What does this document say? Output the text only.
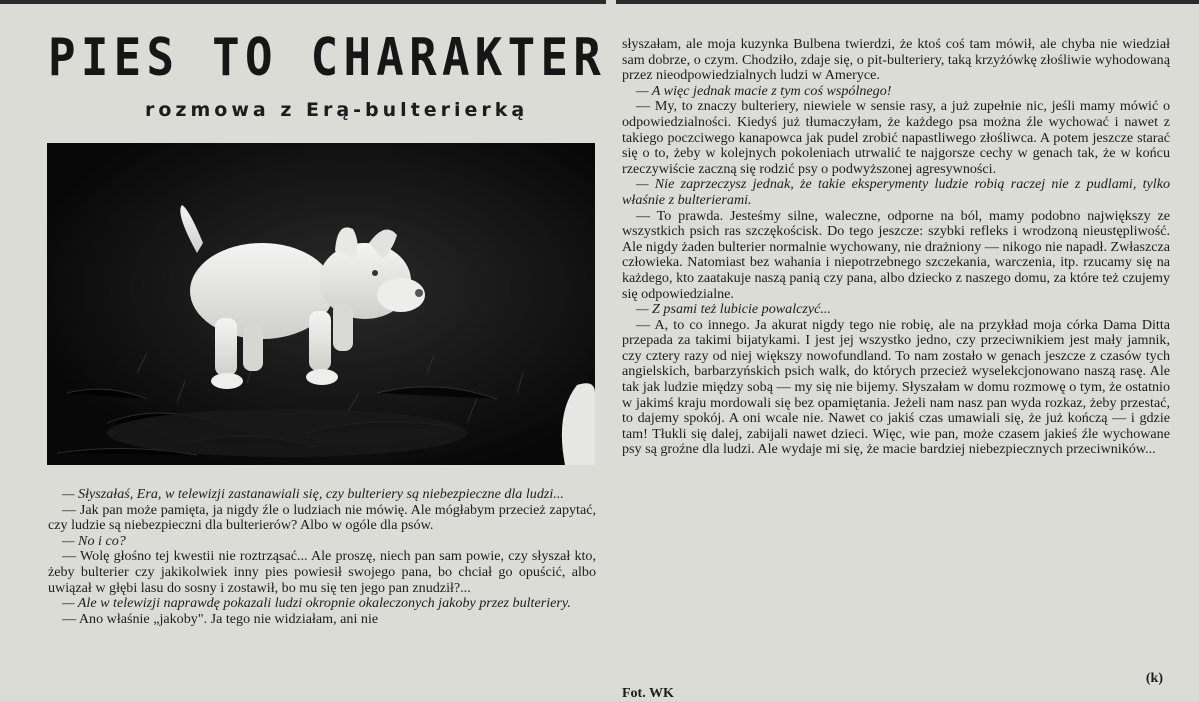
PIES TO CHARAKTER
rozmowa z Erą-bulterierką

— Słyszałaś, Era, w telewizji zastanawiali się, czy bulteriery są niebezpieczne dla ludzi...

— Jak pan może pamięta, ja nigdy źle o ludziach nie mówię. Ale mógłabym przecież zapytać, czy ludzie są niebezpieczni dla bulterierów? Albo w ogóle dla psów.

— No i co?

— Wolę głośno tej kwestii nie roztrząsać... Ale proszę, niech pan sam powie, czy słyszał kto, żeby bulterier czy jakikolwiek inny pies powiesił swojego pana, bo chciał go opuścić, albo uwiązał w głębi lasu do sosny i zostawił, bo mu się ten jego pan znudził?...

— Ale w telewizji naprawdę pokazali ludzi okropnie okaleczonych jakoby przez bulteriery.

— Ano właśnie „jakoby". Ja tego nie widziałam, ani nie

słyszałam, ale moja kuzynka Bulbena twierdzi, że ktoś coś tam mówił, ale chyba nie wiedział sam dobrze, o czym. Chodziło, zdaje się, o pit-bulteriery, taką krzyżówkę złośliwie wyhodowaną przez nieodpowiedzialnych ludzi w Ameryce.

— A więc jednak macie z tym coś wspólnego!

— My, to znaczy bulteriery, niewiele w sensie rasy, a już zupełnie nic, jeśli mamy mówić o odpowiedzialności. Kiedyś już tłumaczyłam, że każdego psa można źle wychować i nawet z takiego poczciwego kanapowca jak pudel zrobić napastliwego złośliwca. A potem jeszcze starać się o to, żeby w kolejnych pokoleniach utrwalić te najgorsze cechy w genach tak, że w końcu rzeczywiście zaczną się rodzić psy o podwyższonej agresywności.

— Nie zaprzeczysz jednak, że takie eksperymenty ludzie robią raczej nie z pudlami, tylko właśnie z bulterierami.

— To prawda. Jesteśmy silne, waleczne, odporne na ból, mamy podobno największy ze wszystkich psich ras szczękościsk. Do tego jeszcze: szybki refleks i wrodzoną nieustępliwość. Ale nigdy żaden bulterier normalnie wychowany, nie drażniony — nikogo nie napadł. Zwłaszcza człowieka. Natomiast bez wahania i niepotrzebnego szczekania, warczenia, itp. rzucamy się na każdego, kto zaatakuje naszą panią czy pana, albo dziecko z naszego domu, za które też czujemy się odpowiedzialne.

— Z psami też lubicie powalczyć...

— A, to co innego. Ja akurat nigdy tego nie robię, ale na przykład moja córka Dama Ditta przepada za takimi bijatykami. I jest jej wszystko jedno, czy przeciwnikiem jest mały jamnik, czy cztery razy od niej większy nowofundland. To nam zostało w genach jeszcze z czasów tych angielskich, barbarzyńskich psich walk, do których przecież wyselekcjonowano naszą rasę. Ale tak jak ludzie między sobą — my się nie bijemy. Słyszałam w domu rozmowę o tym, że ostatnio w jakimś kraju mordowali się bez opamiętania. Jeżeli nam nasz pan wyda rozkaz, żeby przestać, to dajemy spokój. A oni wcale nie. Nawet co jakiś czas umawiali się, że już kończą — i gdzie tam! Tłukli się dalej, zabijali nawet dzieci. Więc, wie pan, może czasem jakieś źle wychowane psy są groźne dla ludzi. Ale wydaje mi się, że macie bardziej niebezpiecznych przeciwników...

Fot. WK
(k)
